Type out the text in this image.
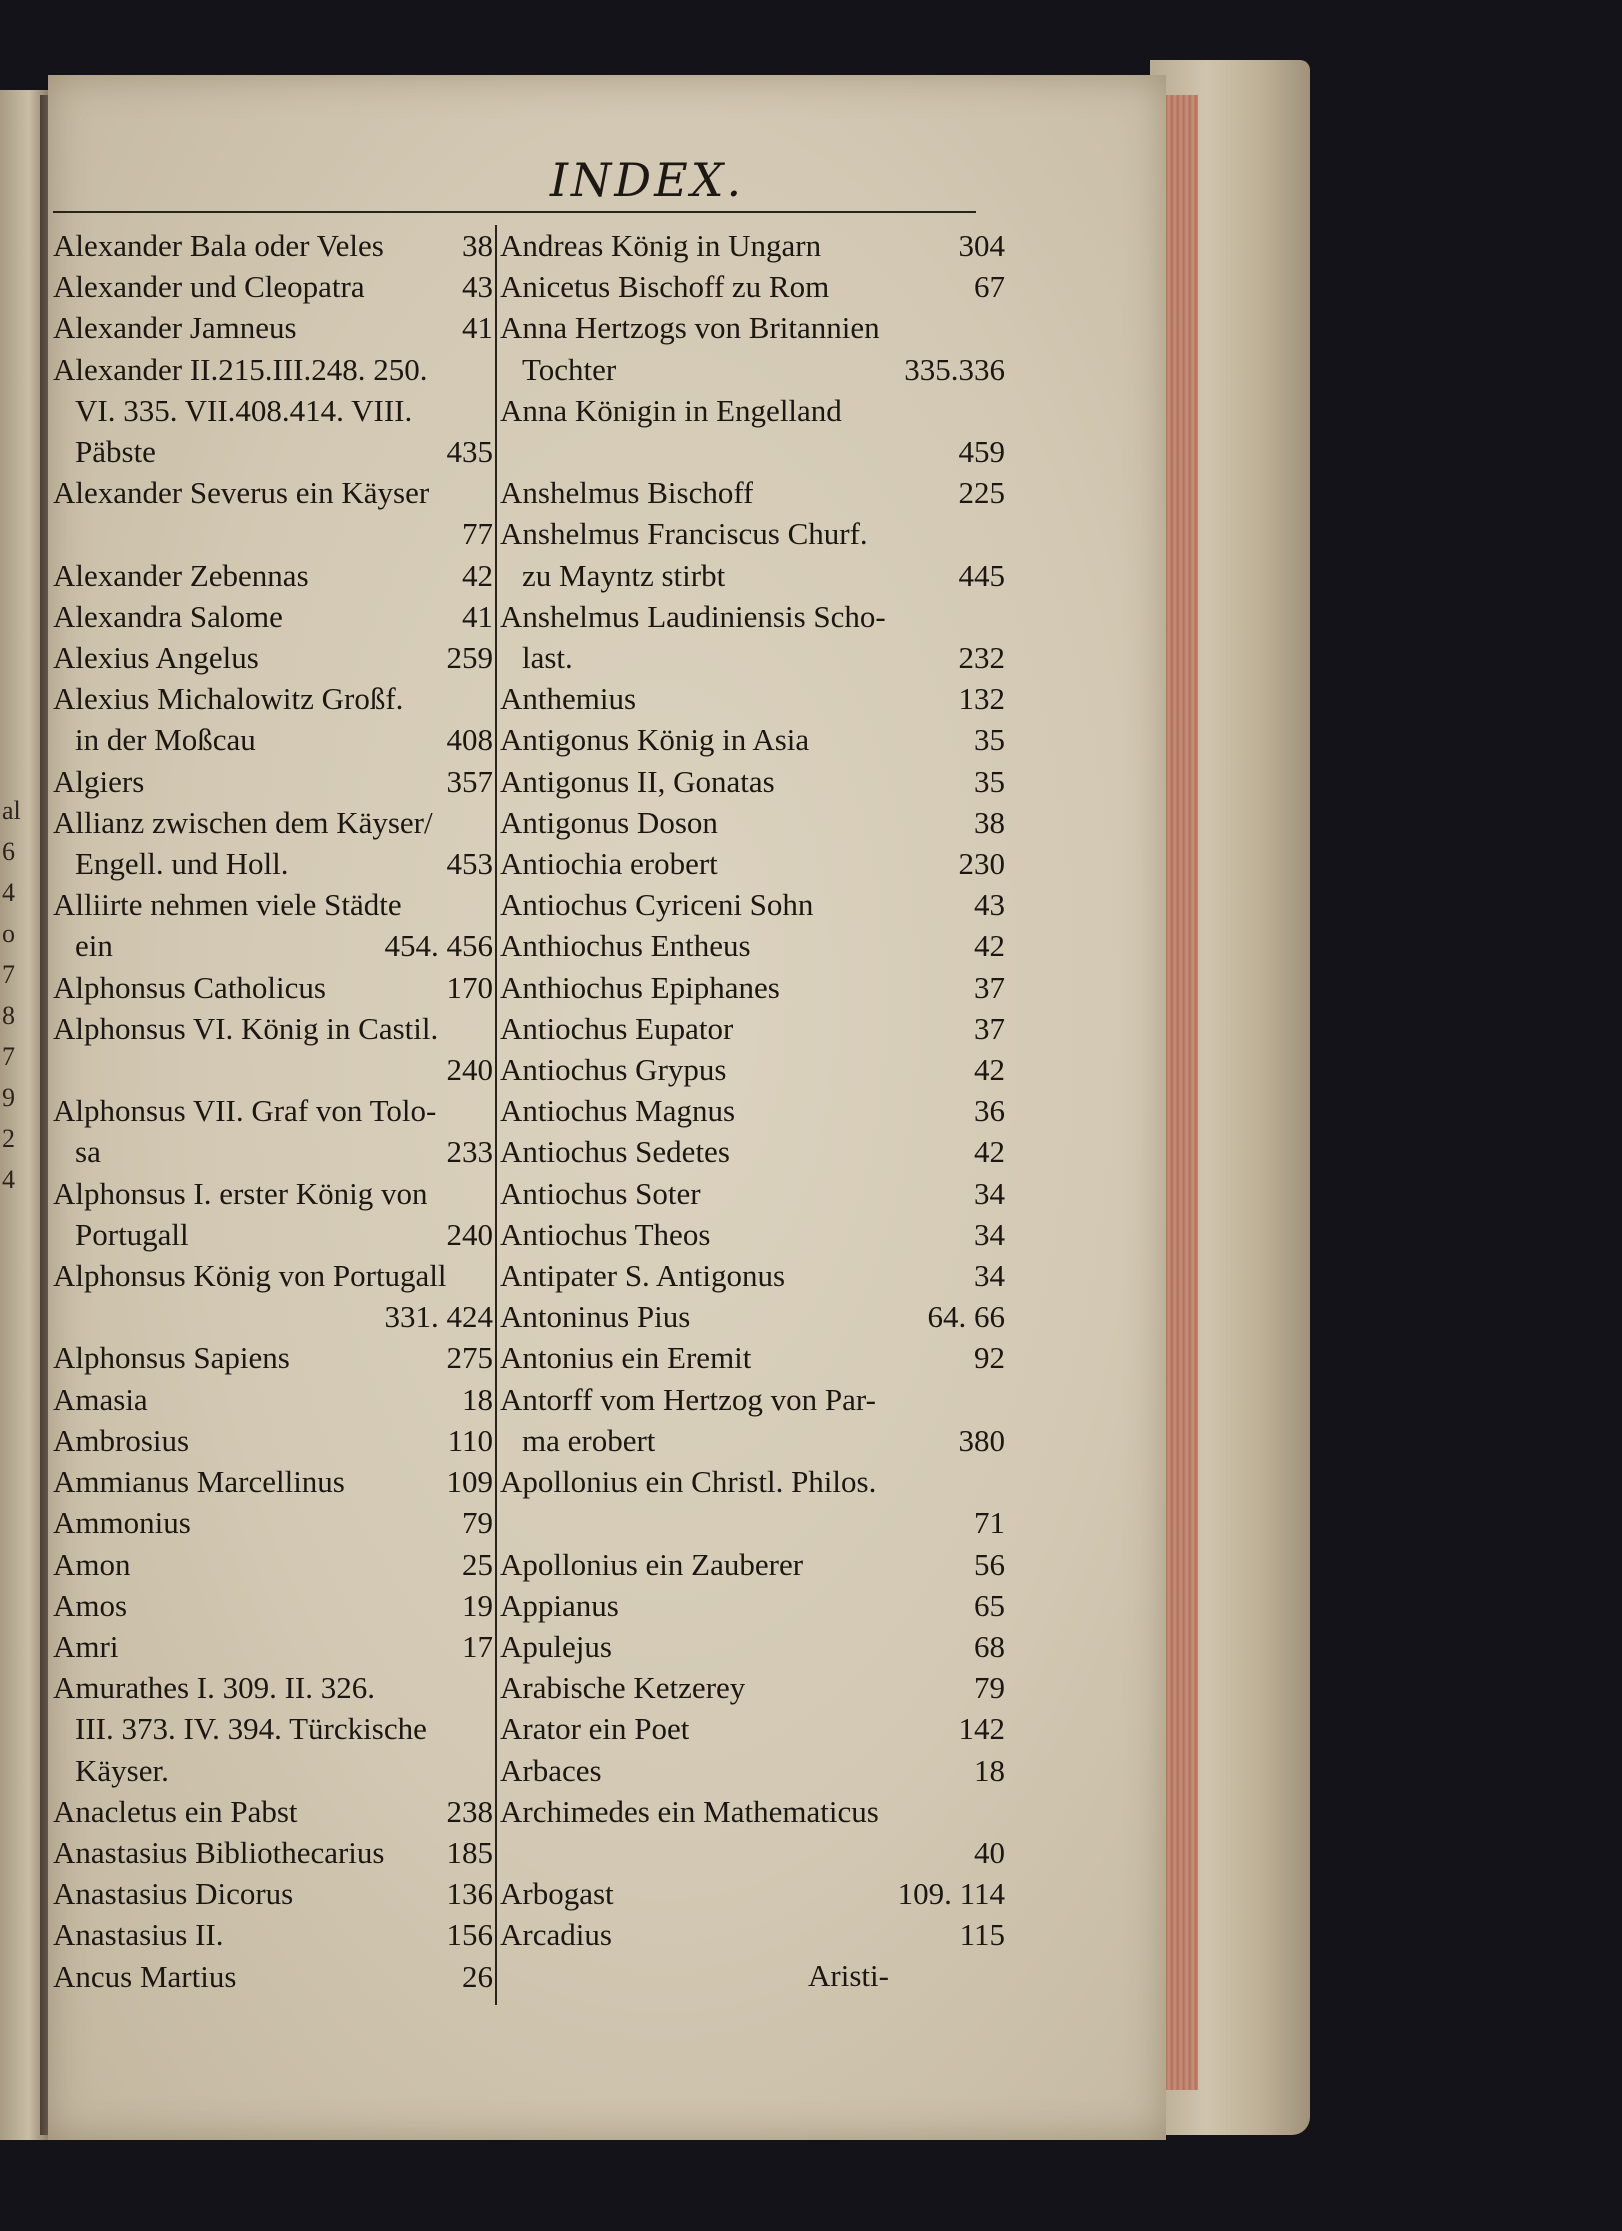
al
6
4
o
7
8
7
9
2
4
INDEX.
Alexander Bala oder Veles	38
Alexander und Cleopatra	43
Alexander Jamneus	41
Alexander II.215.III.248. 250.
VI. 335. VII.408.414. VIII.
Päbste	435
Alexander Severus ein Käyser
77
Alexander Zebennas	42
Alexandra Salome	41
Alexius Angelus	259
Alexius Michalowitz Großf.
in der Moßcau	408
Algiers	357
Allianz zwischen dem Käyser/
Engell. und Holl.	453
Alliirte nehmen viele Städte
ein	454. 456
Alphonsus Catholicus	170
Alphonsus VI. König in Castil.
240
Alphonsus VII. Graf von Tolo-
sa	233
Alphonsus I. erster König von
Portugall	240
Alphonsus König von Portugall
331. 424
Alphonsus Sapiens	275
Amasia	18
Ambrosius	110
Ammianus Marcellinus	109
Ammonius	79
Amon	25
Amos	19
Amri	17
Amurathes I. 309. II. 326.
III. 373. IV. 394. Türckische
Käyser.
Anacletus ein Pabst	238
Anastasius Bibliothecarius 185
Anastasius Dicorus	136
Anastasius II.	156
Ancus Martius	26
Andreas König in Ungarn	304
Anicetus Bischoff zu Rom	67
Anna Hertzogs von Britannien
Tochter	335.336
Anna Königin in Engelland
459
Anshelmus Bischoff	225
Anshelmus Franciscus Churf.
zu Mayntz stirbt	445
Anshelmus Laudiniensis Scho-
last.	232
Anthemius	132
Antigonus König in Asia	35
Antigonus II, Gonatas	35
Antigonus Doson	38
Antiochia erobert	230
Antiochus Cyriceni Sohn	43
Anthiochus Entheus	42
Anthiochus Epiphanes	37
Antiochus Eupator	37
Antiochus Grypus	42
Antiochus Magnus	36
Antiochus Sedetes	42
Antiochus Soter	34
Antiochus Theos	34
Antipater S. Antigonus	34
Antoninus Pius	64. 66
Antonius ein Eremit	92
Antorff vom Hertzog von Par-
ma erobert	380
Apollonius ein Christl. Philos.
71
Apollonius ein Zauberer	56
Appianus	65
Apulejus	68
Arabische Ketzerey	79
Arator ein Poet	142
Arbaces	18
Archimedes ein Mathematicus
40
Arbogast	109. 114
Arcadius	115
Aristi-
